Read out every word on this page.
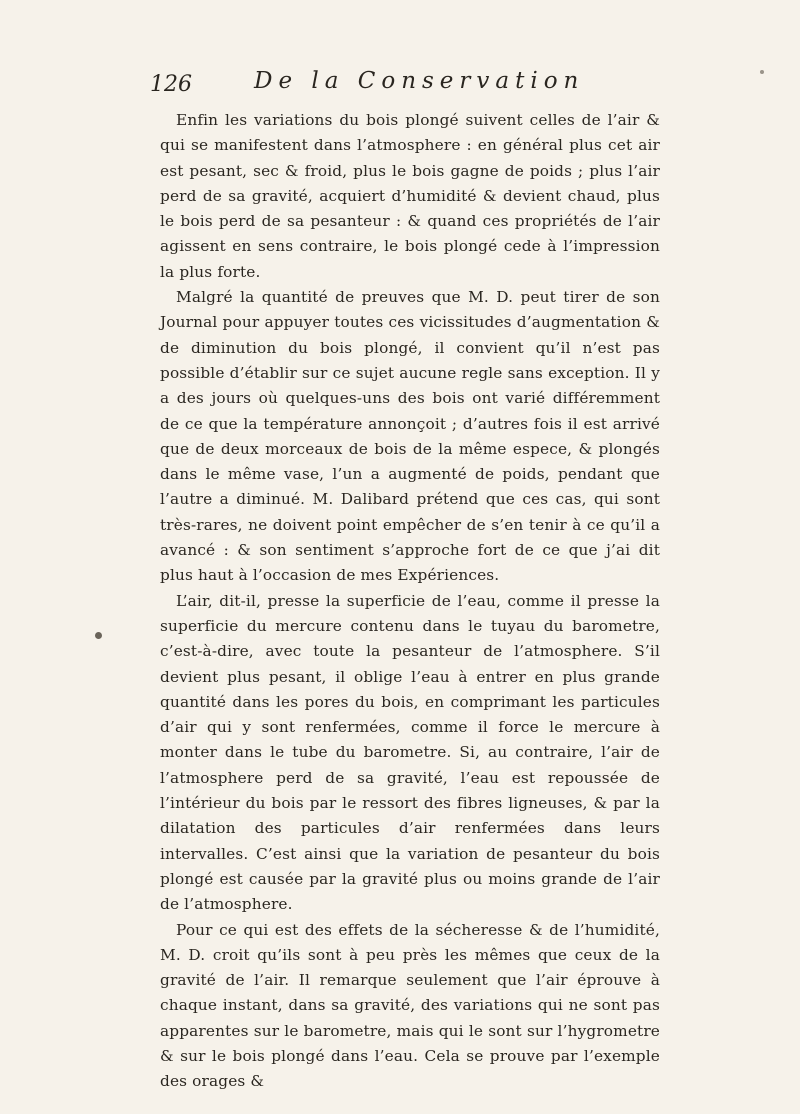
126	De la Conservation

Enfin les variations du bois plongé suivent celles de l’air & qui se manifestent dans l’atmosphere : en général plus cet air est pesant, sec & froid, plus le bois gagne de poids ; plus l’air perd de sa gravité, acquiert d’humidité & devient chaud, plus le bois perd de sa pesanteur : & quand ces propriétés de l’air agissent en sens contraire, le bois plongé cede à l’impression la plus forte.

Malgré la quantité de preuves que M. D. peut tirer de son Journal pour appuyer toutes ces vicissitudes d’augmentation & de diminution du bois plongé, il convient qu’il n’est pas possible d’établir sur ce sujet aucune regle sans exception. Il y a des jours où quelques-uns des bois ont varié différemment de ce que la température annonçoit ; d’autres fois il est arrivé que de deux morceaux de bois de la même espece, & plongés dans le même vase, l’un a augmenté de poids, pendant que l’autre a diminué. M. Dalibard prétend que ces cas, qui sont très-rares, ne doivent point empêcher de s’en tenir à ce qu’il a avancé : & son sentiment s’approche fort de ce que j’ai dit plus haut à l’occasion de mes Expériences.

L’air, dit-il, presse la superficie de l’eau, comme il presse la superficie du mercure contenu dans le tuyau du barometre, c’est-à-dire, avec toute la pesanteur de l’atmosphere. S’il devient plus pesant, il oblige l’eau à entrer en plus grande quantité dans les pores du bois, en comprimant les particules d’air qui y sont renfermées, comme il force le mercure à monter dans le tube du barometre. Si, au contraire, l’air de l’atmosphere perd de sa gravité, l’eau est repoussée de l’intérieur du bois par le ressort des fibres ligneuses, & par la dilatation des particules d’air renfermées dans leurs intervalles. C’est ainsi que la variation de pesanteur du bois plongé est causée par la gravité plus ou moins grande de l’air de l’atmosphere.

Pour ce qui est des effets de la sécheresse & de l’humidité, M. D. croit qu’ils sont à peu près les mêmes que ceux de la gravité de l’air. Il remarque seulement que l’air éprouve à chaque instant, dans sa gravité, des variations qui ne sont pas apparentes sur le barometre, mais qui le sont sur l’hygrometre & sur le bois plongé dans l’eau. Cela se prouve par l’exemple des orages &
